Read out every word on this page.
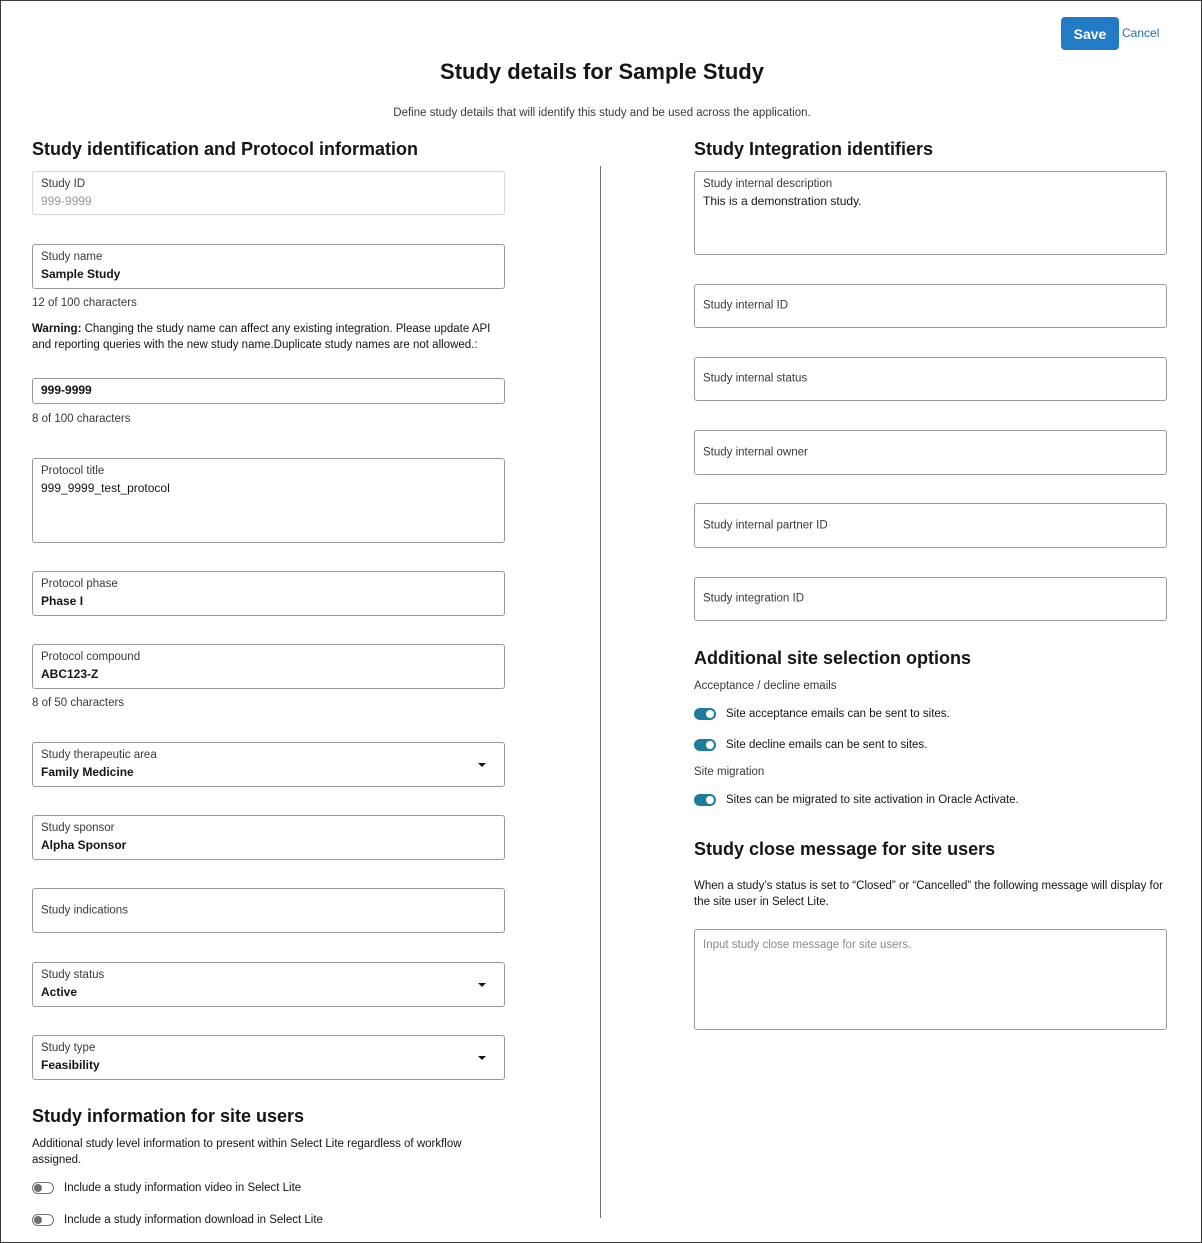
Save	Cancel
Study details for Sample Study
Define study details that will identify this study and be used across the application.
Study identification and Protocol information
Study ID
999-9999
Study name
Sample Study
12 of 100 characters
Warning: Changing the study name can affect any existing integration. Please update API and reporting queries with the new study name.Duplicate study names are not allowed.:
999-9999
8 of 100 characters
Protocol title
999_9999_test_protocol
Protocol phase
Phase I
Protocol compound
ABC123-Z
8 of 50 characters
Study therapeutic area
Family Medicine
Study sponsor
Alpha Sponsor
Study indications
Study status
Active
Study type
Feasibility
Study information for site users
Additional study level information to present within Select Lite regardless of workflow assigned.
Include a study information video in Select Lite
Include a study information download in Select Lite
Study Integration identifiers
Study internal description
This is a demonstration study.
Study internal ID
Study internal status
Study internal owner
Study internal partner ID
Study integration ID
Additional site selection options
Acceptance / decline emails
Site acceptance emails can be sent to sites.
Site decline emails can be sent to sites.
Site migration
Sites can be migrated to site activation in Oracle Activate.
Study close message for site users
When a study’s status is set to “Closed” or “Cancelled” the following message will display for the site user in Select Lite.
Input study close message for site users.
